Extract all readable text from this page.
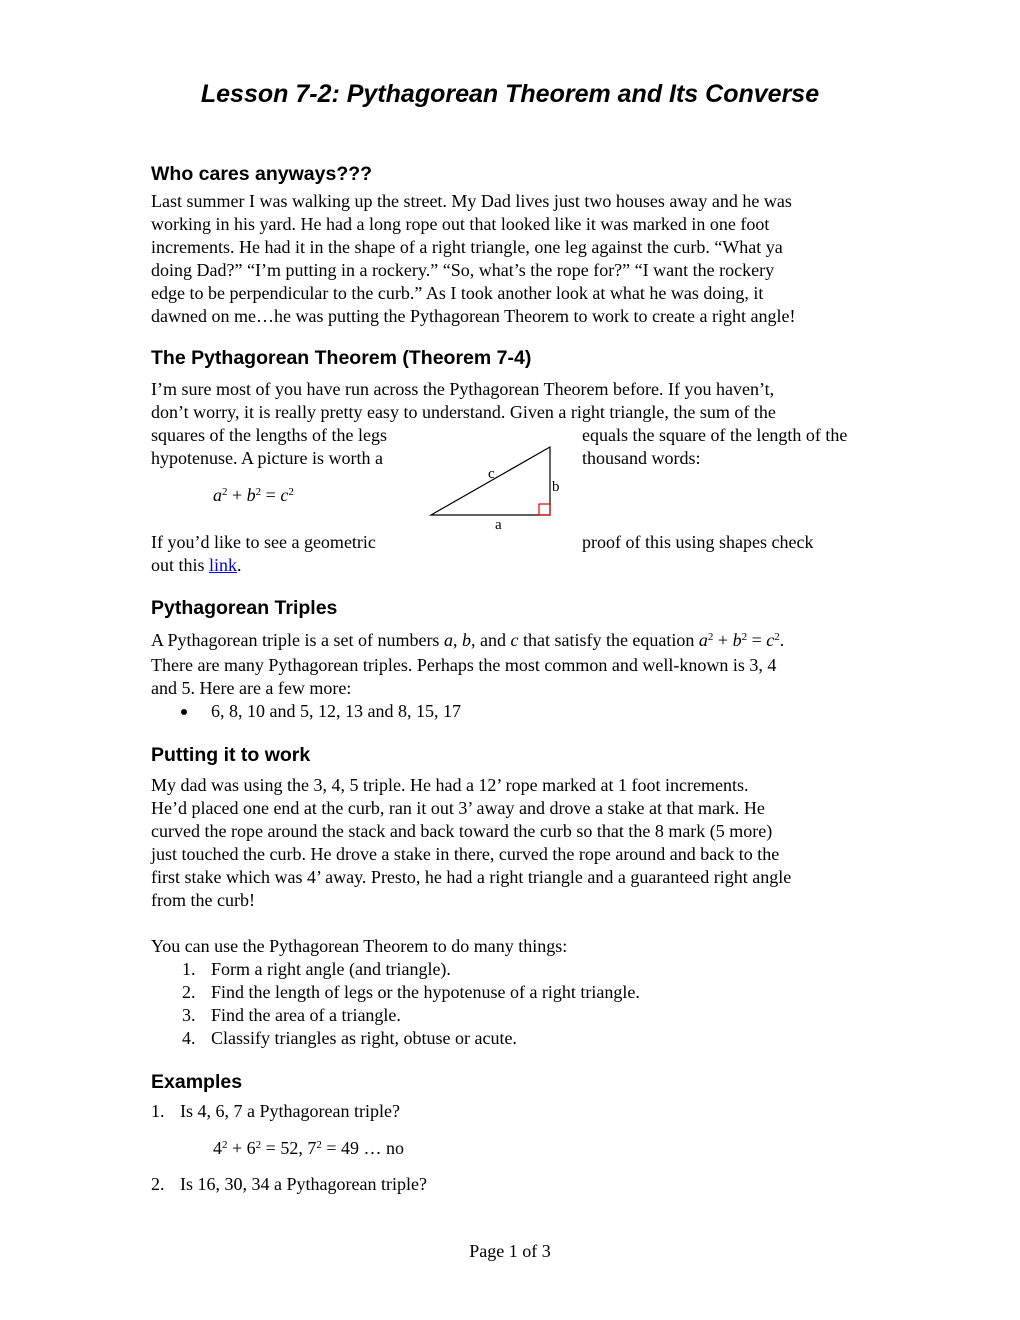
Lesson 7-2: Pythagorean Theorem and Its Converse
Who cares anyways???
Last summer I was walking up the street. My Dad lives just two houses away and he was
working in his yard. He had a long rope out that looked like it was marked in one foot
increments. He had it in the shape of a right triangle, one leg against the curb. “What ya
doing Dad?” “I’m putting in a rockery.” “So, what’s the rope for?” “I want the rockery
edge to be perpendicular to the curb.” As I took another look at what he was doing, it
dawned on me…he was putting the Pythagorean Theorem to work to create a right angle!
The Pythagorean Theorem (Theorem 7-4)
I’m sure most of you have run across the Pythagorean Theorem before. If you haven’t,
don’t worry, it is really pretty easy to understand. Given a right triangle, the sum of the
squares of the lengths of the legs	equals the square of the length of the
hypotenuse. A picture is worth a	thousand words:
$a^2 + b^2 = c^2$
c
b
a
If you’d like to see a geometric	proof of this using shapes check
out this link.
Pythagorean Triples
A Pythagorean triple is a set of numbers a, b, and c that satisfy the equation $a^2 + b^2 = c^2$.
There are many Pythagorean triples. Perhaps the most common and well-known is 3, 4
and 5. Here are a few more:
6, 8, 10 and 5, 12, 13 and 8, 15, 17
Putting it to work
My dad was using the 3, 4, 5 triple. He had a 12’ rope marked at 1 foot increments.
He’d placed one end at the curb, ran it out 3’ away and drove a stake at that mark. He
curved the rope around the stack and back toward the curb so that the 8 mark (5 more)
just touched the curb. He drove a stake in there, curved the rope around and back to the
first stake which was 4’ away. Presto, he had a right triangle and a guaranteed right angle
from the curb!
You can use the Pythagorean Theorem to do many things:
1. Form a right angle (and triangle).
2. Find the length of legs or the hypotenuse of a right triangle.
3. Find the area of a triangle.
4. Classify triangles as right, obtuse or acute.
Examples
1. Is 4, 6, 7 a Pythagorean triple?
$4^2 + 6^2 = 52$, $7^2 = 49$ … no
2. Is 16, 30, 34 a Pythagorean triple?
Page 1 of 3
